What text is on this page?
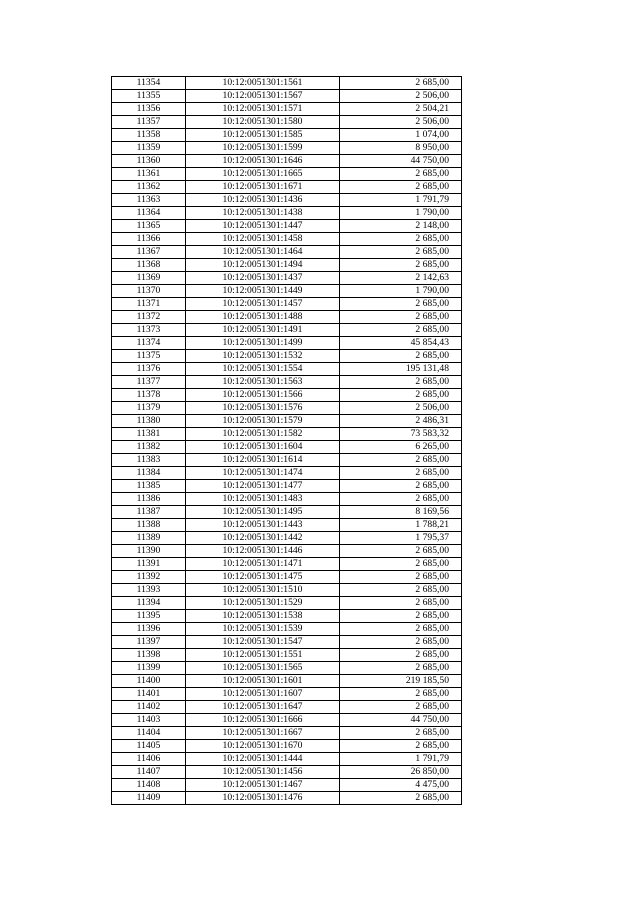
11354	10:12:0051301:1561	2 685,00
11355	10:12:0051301:1567	2 506,00
11356	10:12:0051301:1571	2 504,21
11357	10:12:0051301:1580	2 506,00
11358	10:12:0051301:1585	1 074,00
11359	10:12:0051301:1599	8 950,00
11360	10:12:0051301:1646	44 750,00
11361	10:12:0051301:1665	2 685,00
11362	10:12:0051301:1671	2 685,00
11363	10:12:0051301:1436	1 791,79
11364	10:12:0051301:1438	1 790,00
11365	10:12:0051301:1447	2 148,00
11366	10:12:0051301:1458	2 685,00
11367	10:12:0051301:1464	2 685,00
11368	10:12:0051301:1494	2 685,00
11369	10:12:0051301:1437	2 142,63
11370	10:12:0051301:1449	1 790,00
11371	10:12:0051301:1457	2 685,00
11372	10:12:0051301:1488	2 685,00
11373	10:12:0051301:1491	2 685,00
11374	10:12:0051301:1499	45 854,43
11375	10:12:0051301:1532	2 685,00
11376	10:12:0051301:1554	195 131,48
11377	10:12:0051301:1563	2 685,00
11378	10:12:0051301:1566	2 685,00
11379	10:12:0051301:1576	2 506,00
11380	10:12:0051301:1579	2 486,31
11381	10:12:0051301:1582	73 583,32
11382	10:12:0051301:1604	6 265,00
11383	10:12:0051301:1614	2 685,00
11384	10:12:0051301:1474	2 685,00
11385	10:12:0051301:1477	2 685,00
11386	10:12:0051301:1483	2 685,00
11387	10:12:0051301:1495	8 169,56
11388	10:12:0051301:1443	1 788,21
11389	10:12:0051301:1442	1 795,37
11390	10:12:0051301:1446	2 685,00
11391	10:12:0051301:1471	2 685,00
11392	10:12:0051301:1475	2 685,00
11393	10:12:0051301:1510	2 685,00
11394	10:12:0051301:1529	2 685,00
11395	10:12:0051301:1538	2 685,00
11396	10:12:0051301:1539	2 685,00
11397	10:12:0051301:1547	2 685,00
11398	10:12:0051301:1551	2 685,00
11399	10:12:0051301:1565	2 685,00
11400	10:12:0051301:1601	219 185,50
11401	10:12:0051301:1607	2 685,00
11402	10:12:0051301:1647	2 685,00
11403	10:12:0051301:1666	44 750,00
11404	10:12:0051301:1667	2 685,00
11405	10:12:0051301:1670	2 685,00
11406	10:12:0051301:1444	1 791,79
11407	10:12:0051301:1456	26 850,00
11408	10:12:0051301:1467	4 475,00
11409	10:12:0051301:1476	2 685,00
